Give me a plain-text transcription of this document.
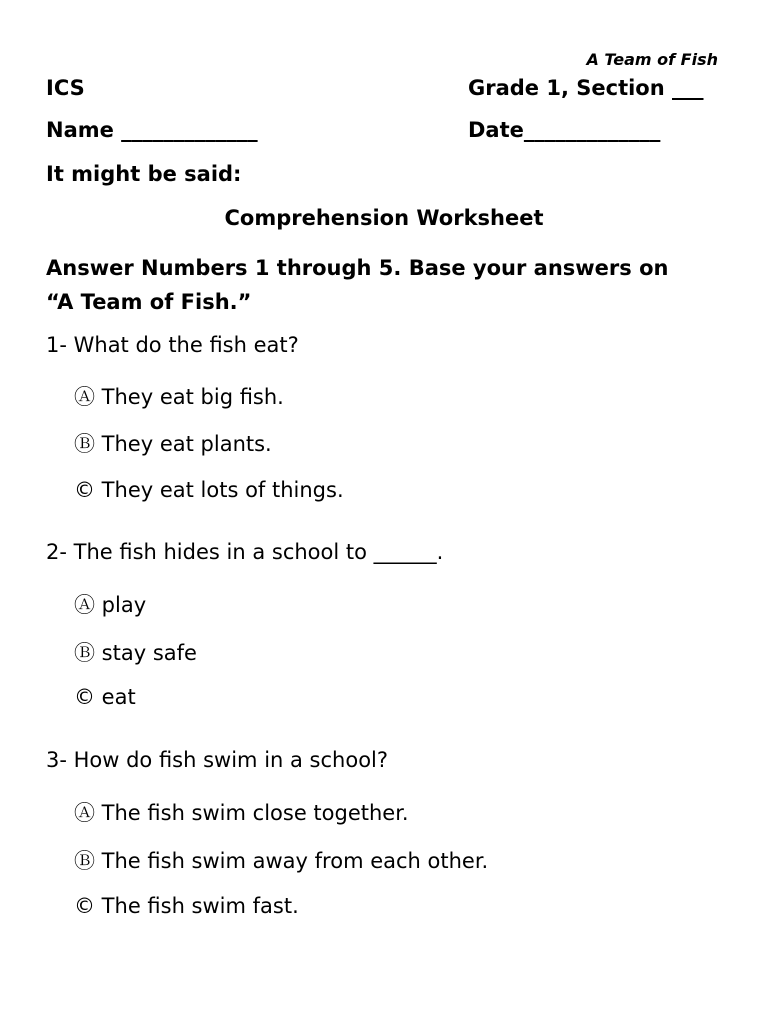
A Team of Fish
ICS	Grade 1, Section ___
Name _____________	Date_____________
It might be said:
Comprehension Worksheet
Answer Numbers 1 through 5. Base your answers on “A Team of Fish.”
1- What do the fish eat?
Ⓐ They eat big fish.
Ⓑ They eat plants.
© They eat lots of things.
2- The fish hides in a school to ______.
Ⓐ play
Ⓑ stay safe
© eat
3- How do fish swim in a school?
Ⓐ The fish swim close together.
Ⓑ The fish swim away from each other.
© The fish swim fast.
